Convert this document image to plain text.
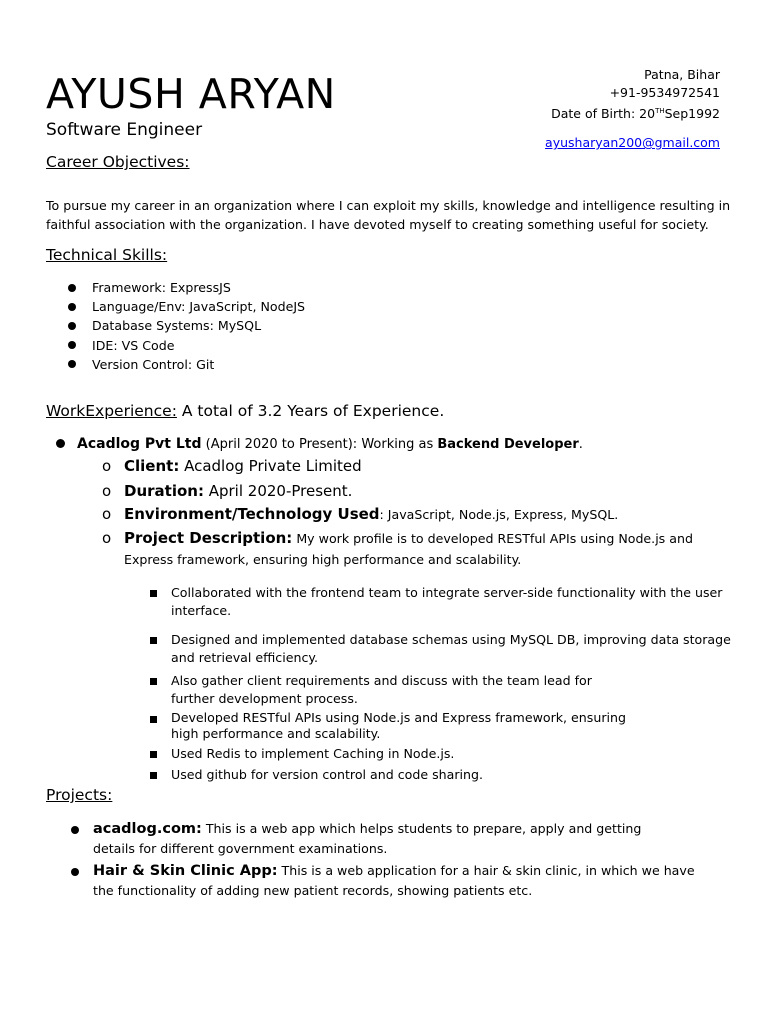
AYUSH ARYAN
Software Engineer
Patna, Bihar
+91-9534972541
Date of Birth: 20THSep1992
ayusharyan200@gmail.com
Career Objectives:
To pursue my career in an organization where I can exploit my skills, knowledge and intelligence resulting in faithful association with the organization. I have devoted myself to creating something useful for society.
Technical Skills:
Framework: ExpressJS
Language/Env: JavaScript, NodeJS
Database Systems: MySQL
IDE: VS Code
Version Control: Git
WorkExperience: A total of 3.2 Years of Experience.
Acadlog Pvt Ltd (April 2020 to Present): Working as Backend Developer.
o Client: Acadlog Private Limited
o Duration: April 2020-Present.
o Environment/Technology Used: JavaScript, Node.js, Express, MySQL.
o Project Description: My work profile is to developed RESTful APIs using Node.js and
Express framework, ensuring high performance and scalability.
Collaborated with the frontend team to integrate server-side functionality with the user interface.
Designed and implemented database schemas using MySQL DB, improving data storage and retrieval efficiency.
Also gather client requirements and discuss with the team lead for further development process.
Developed RESTful APIs using Node.js and Express framework, ensuring high performance and scalability.
Used Redis to implement Caching in Node.js.
Used github for version control and code sharing.
Projects:
acadlog.com: This is a web app which helps students to prepare, apply and getting
details for different government examinations.
Hair & Skin Clinic App: This is a web application for a hair & skin clinic, in which we have
the functionality of adding new patient records, showing patients etc.
